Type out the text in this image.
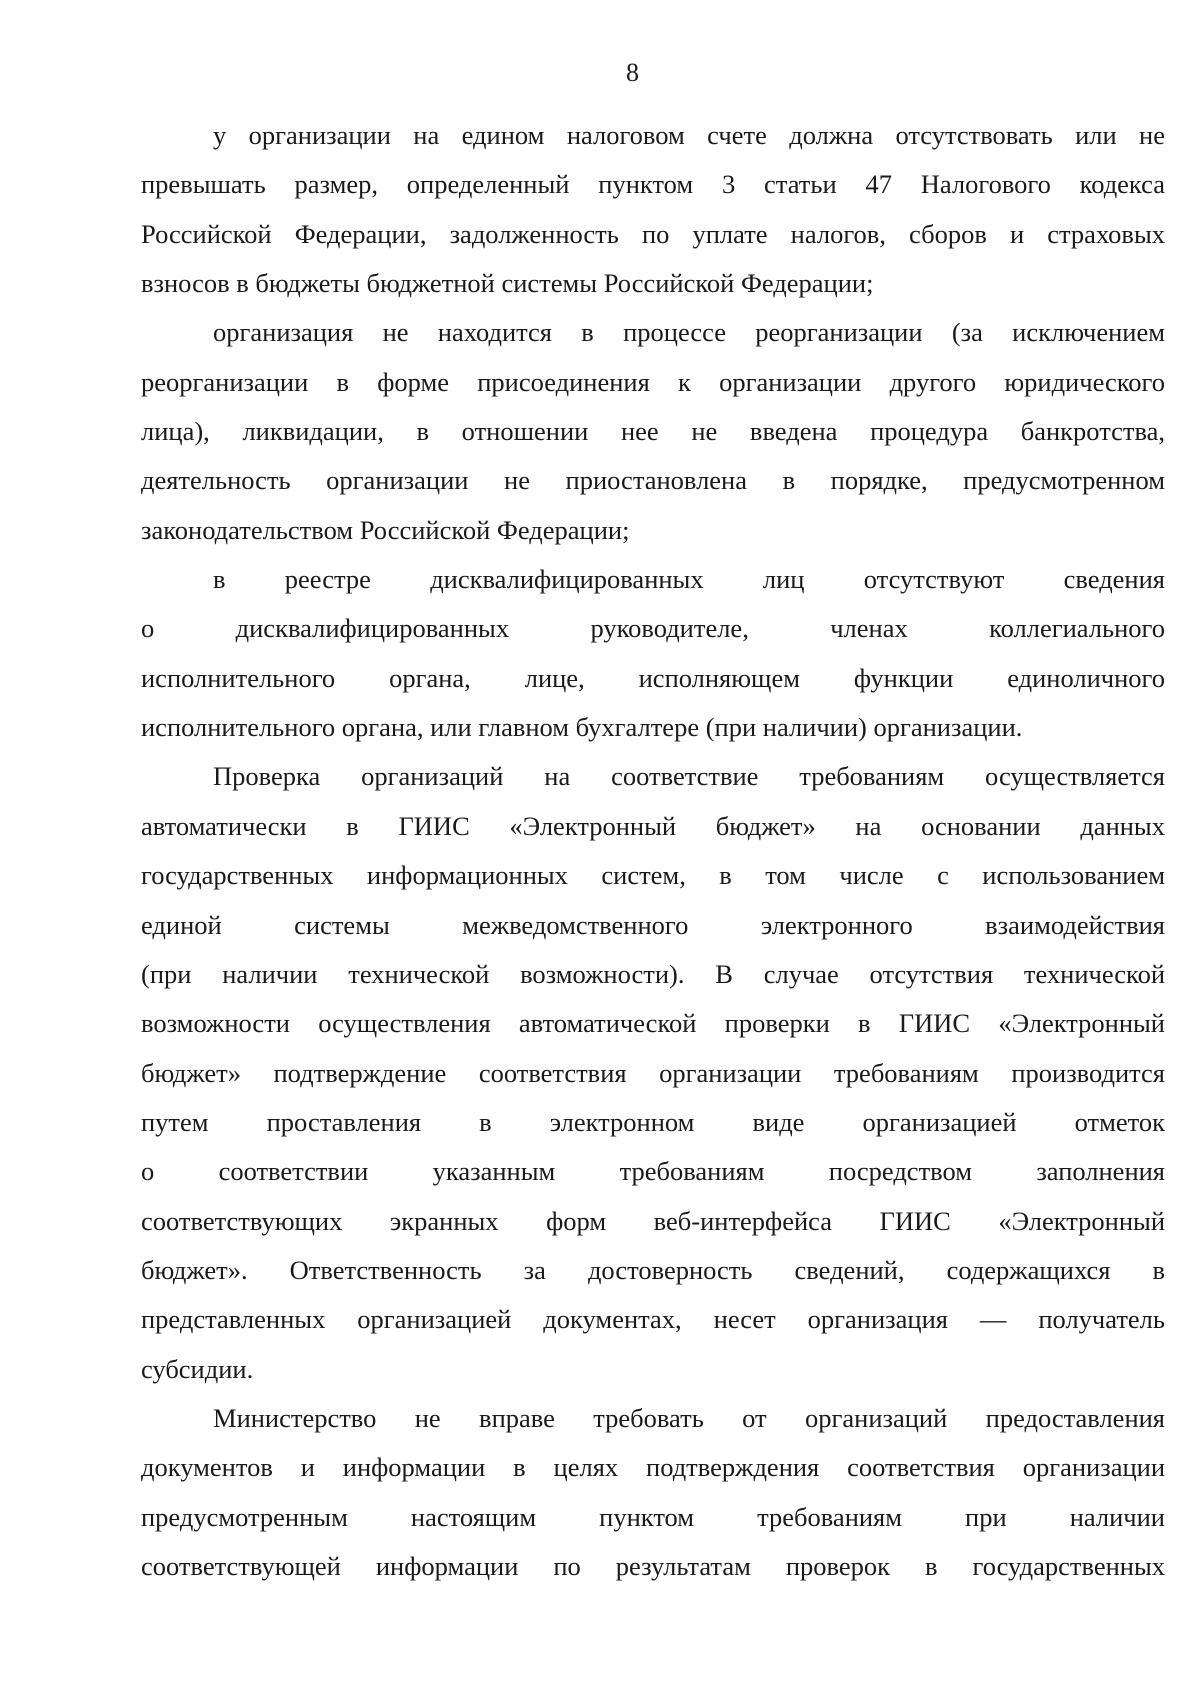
8
у организации на едином налоговом счете должна отсутствовать или не
превышать размер, определенный пунктом 3 статьи 47 Налогового кодекса
Российской Федерации, задолженность по уплате налогов, сборов и страховых
взносов в бюджеты бюджетной системы Российской Федерации;
организация не находится в процессе реорганизации (за исключением
реорганизации в форме присоединения к организации другого юридического
лица), ликвидации, в отношении нее не введена процедура банкротства,
деятельность организации не приостановлена в порядке, предусмотренном
законодательством Российской Федерации;
в реестре дисквалифицированных лиц отсутствуют сведения
о дисквалифицированных руководителе, членах коллегиального
исполнительного органа, лице, исполняющем функции единоличного
исполнительного органа, или главном бухгалтере (при наличии) организации.
Проверка организаций на соответствие требованиям осуществляется
автоматически в ГИИС «Электронный бюджет» на основании данных
государственных информационных систем, в том числе с использованием
единой системы межведомственного электронного взаимодействия
(при наличии технической возможности). В случае отсутствия технической
возможности осуществления автоматической проверки в ГИИС «Электронный
бюджет» подтверждение соответствия организации требованиям производится
путем проставления в электронном виде организацией отметок
о соответствии указанным требованиям посредством заполнения
соответствующих экранных форм веб-интерфейса ГИИС «Электронный
бюджет». Ответственность за достоверность сведений, содержащихся в
представленных организацией документах, несет организация — получатель
субсидии.
Министерство не вправе требовать от организаций предоставления
документов и информации в целях подтверждения соответствия организации
предусмотренным настоящим пунктом требованиям при наличии
соответствующей информации по результатам проверок в государственных
